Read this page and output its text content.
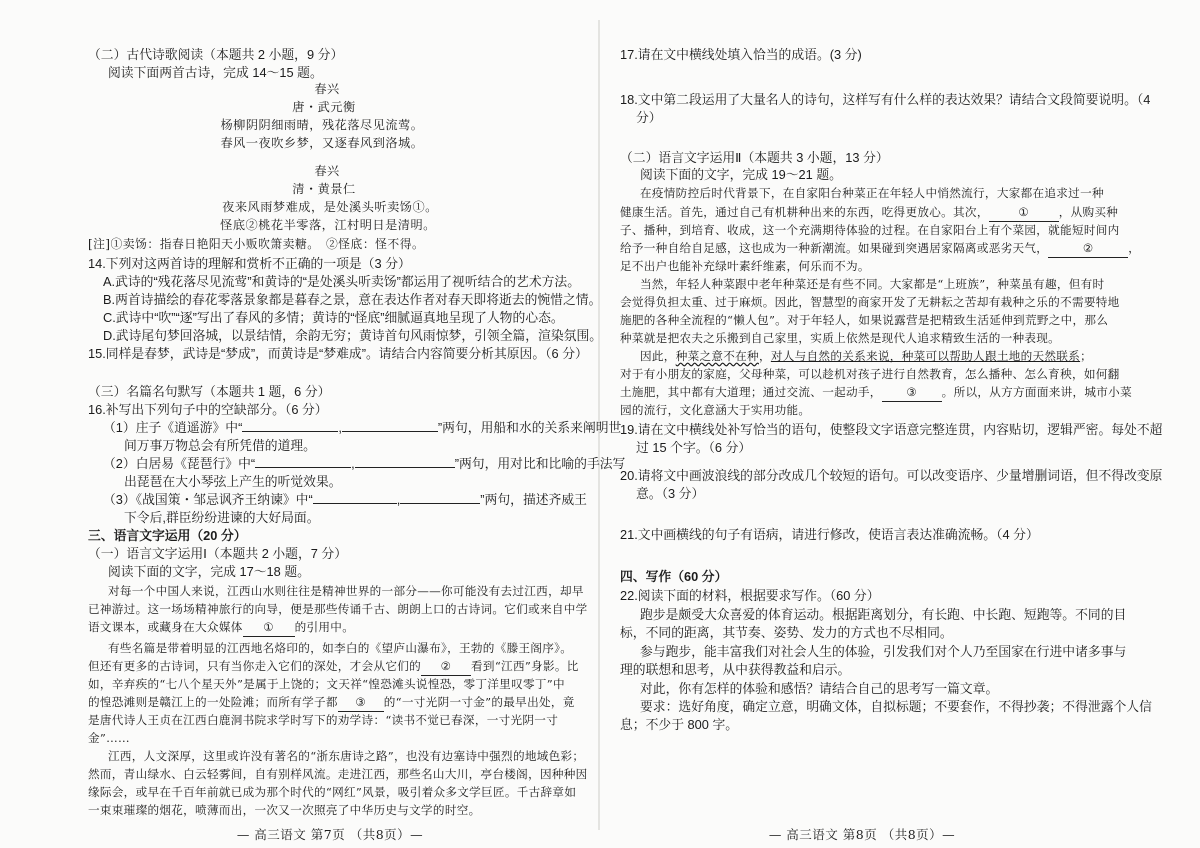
（二）古代诗歌阅读（本题共 2 小题，9 分）
阅读下面两首古诗，完成 14～15 题。
春兴
唐・武元衡
杨柳阴阴细雨晴，残花落尽见流莺。
春风一夜吹乡梦，又逐春风到洛城。
春兴
清・黄景仁
夜来风雨梦难成，是处溪头听卖饧①。
怪底②桃花半零落，江村明日是清明。
[注]①卖饧：指春日艳阳天小贩吹箫卖糖。　②怪底：怪不得。
14.下列对这两首诗的理解和赏析不正确的一项是（3 分）
A.武诗的“残花落尽见流莺”和黄诗的“是处溪头听卖饧”都运用了视听结合的艺术方法。
B.两首诗描绘的春花零落景象都是暮春之景，意在表达作者对春天即将逝去的惋惜之情。
C.武诗中“吹”“逐”写出了春风的多情；黄诗的“怪底”细腻逼真地呈现了人物的心态。
D.武诗尾句梦回洛城，以景结情，余韵无穷；黄诗首句风雨惊梦，引领全篇，渲染氛围。
15.同样是春梦，武诗是“梦成”，而黄诗是“梦难成”。请结合内容简要分析其原因。（6 分）
（三）名篇名句默写（本题共 1 题，6 分）
16.补写出下列句子中的空缺部分。（6 分）
（1）庄子《逍遥游》中“	,	”两句，用船和水的关系来阐明世
间万事万物总会有所凭借的道理。
（2）白居易《琵琶行》中“	,	”两句，用对比和比喻的手法写
出琵琶在大小琴弦上产生的听觉效果。
（3）《战国策・邹忌讽齐王纳谏》中“	,	”两句，描述齐威王
下令后,群臣纷纷进谏的大好局面。
三、语言文字运用（20 分）
（一）语言文字运用Ⅰ（本题共 2 小题，7 分）
阅读下面的文字，完成 17～18 题。
对每一个中国人来说，江西山水则往往是精神世界的一部分——你可能没有去过江西，却早
已神游过。这一场场精神旅行的向导，便是那些传诵千古、朗朗上口的古诗词。它们或来自中学
语文课本，或藏身在大众媒体 ① 的引用中。
有些名篇是带着明显的江西地名烙印的，如李白的《望庐山瀑布》，王勃的《滕王阁序》。
但还有更多的古诗词，只有当你走入它们的深处，才会从它们的 ② 看到“江西”身影。比
如，辛弃疾的“七八个星天外”是属于上饶的；文天祥“惶恐滩头说惶恐，零丁洋里叹零丁”中
的惶恐滩则是赣江上的一处险滩；而所有学子都 ③ 的“一寸光阴一寸金”的最早出处，竟
是唐代诗人王贞在江西白鹿洞书院求学时写下的劝学诗：“读书不觉已春深，一寸光阴一寸
金”……
江西，人文深厚，这里或许没有著名的“浙东唐诗之路”，也没有边塞诗中强烈的地域色彩；
然而，青山绿水、白云轻雾间，自有别样风流。走进江西，那些名山大川，亭台楼阁，因种种因
缘际会，或早在千百年前就已成为那个时代的“网红”风景，吸引着众多文学巨匠。千古辞章如
一束束璀璨的烟花，喷薄而出，一次又一次照亮了中华历史与文学的时空。
— 高三语文 第7页 （共8页）—
17.请在文中横线处填入恰当的成语。(3 分)
18.文中第二段运用了大量名人的诗句，这样写有什么样的表达效果？请结合文段简要说明。（4
分）
（二）语言文字运用Ⅱ（本题共 3 小题，13 分）
阅读下面的文字，完成 19～21 题。
在疫情防控后时代背景下，在自家阳台种菜正在年轻人中悄然流行，大家都在追求过一种
健康生活。首先，通过自己有机耕种出来的东西，吃得更放心。其次，	①	，从购买种
子、播种，到培育、收成，这一个充满期待体验的过程。在自家阳台上有个菜园，就能短时间内
给予一种自给自足感，这也成为一种新潮流。如果碰到突遇居家隔离或恶劣天气，	②	，
足不出户也能补充绿叶素纤维素，何乐而不为。
当然，年轻人种菜跟中老年种菜还是有些不同。大家都是“上班族”，种菜虽有趣，但有时
会觉得负担太重、过于麻烦。因此，智慧型的商家开发了无耕耘之苦却有栽种之乐的不需要特地
施肥的各种全流程的“懒人包”。对于年轻人，如果说露营是把精致生活延伸到荒野之中，那么
种菜就是把农夫之乐搬到自己家里，实质上依然是现代人追求精致生活的一种表现。
因此，种菜之意不在种，对人与自然的关系来说，种菜可以帮助人跟土地的天然联系；
对于有小朋友的家庭，父母种菜，可以趁机对孩子进行自然教育，怎么播种、怎么育秧，如何翻
土施肥，其中都有大道理；通过交流、一起动手， ③ 。所以，从方方面面来讲，城市小菜
园的流行，文化意涵大于实用功能。
19.请在文中横线处补写恰当的语句，使整段文字语意完整连贯，内容贴切，逻辑严密。每处不超
过 15 个字。（6 分）
20.请将文中画波浪线的部分改成几个较短的语句。可以改变语序、少量增删词语，但不得改变原
意。（3 分）
21.文中画横线的句子有语病，请进行修改，使语言表达准确流畅。（4 分）
四、写作（60 分）
22.阅读下面的材料，根据要求写作。（60 分）
跑步是颇受大众喜爱的体育运动。根据距离划分，有长跑、中长跑、短跑等。不同的目
标，不同的距离，其节奏、姿势、发力的方式也不尽相同。
参与跑步，能丰富我们对社会人生的体验，引发我们对个人乃至国家在行进中诸多事与
理的联想和思考，从中获得教益和启示。
对此，你有怎样的体验和感悟？请结合自己的思考写一篇文章。
要求：选好角度，确定立意，明确文体，自拟标题；不要套作，不得抄袭；不得泄露个人信
息；不少于 800 字。
— 高三语文 第8页 （共8页）—
